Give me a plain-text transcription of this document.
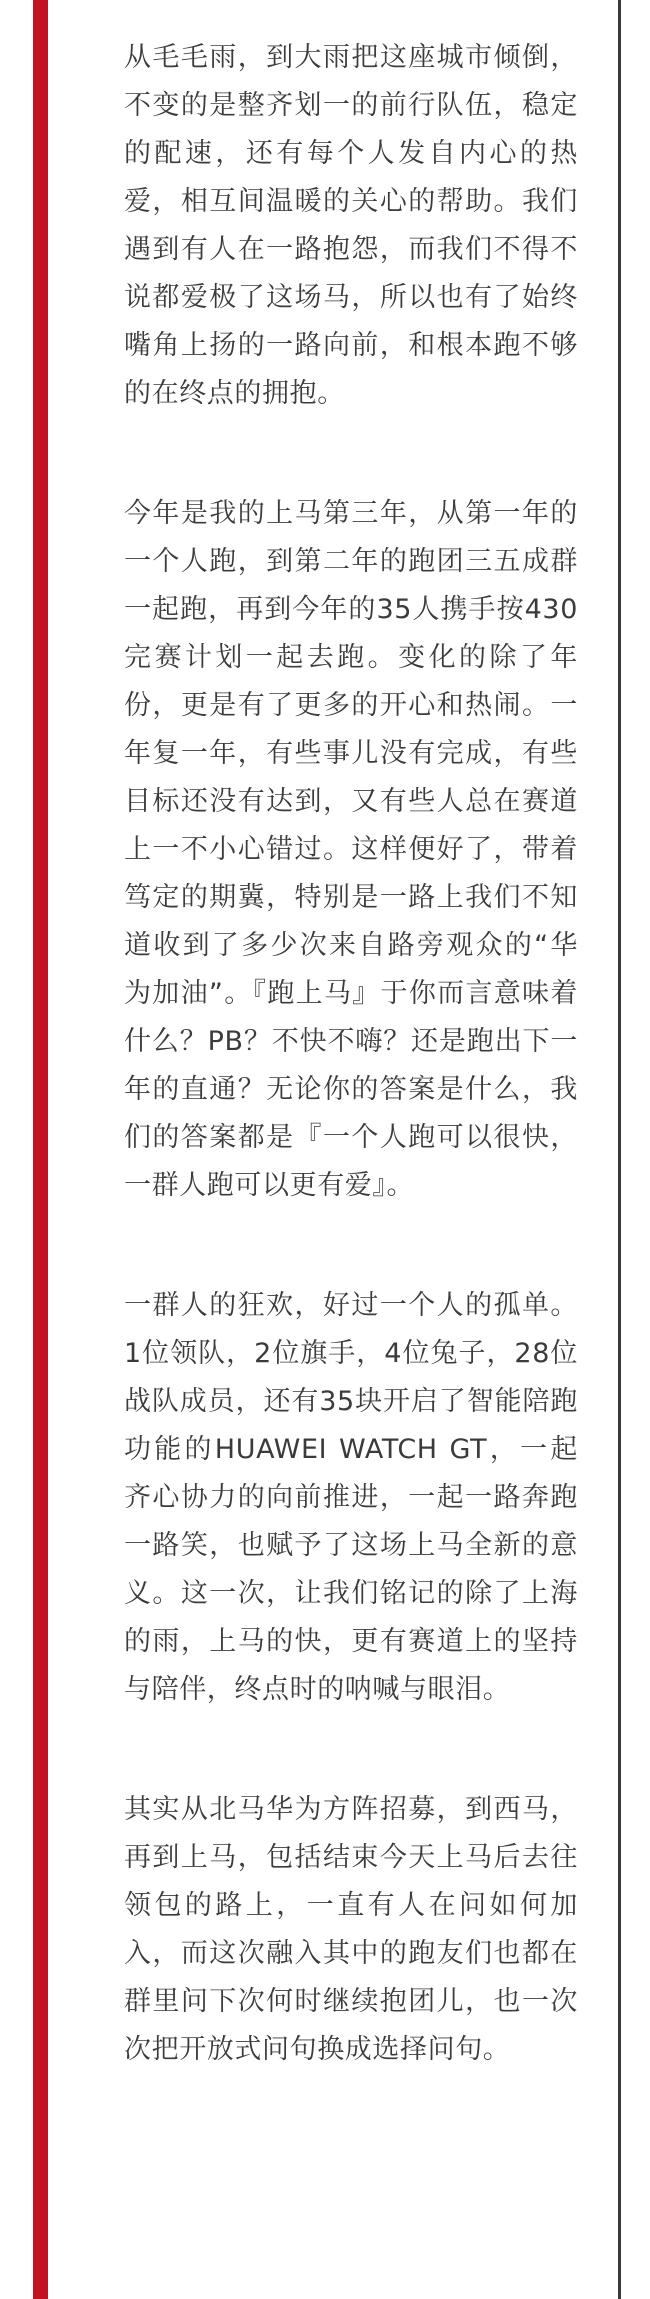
从毛毛雨，到大雨把这座城市倾倒，不变的是整齐划一的前行队伍，稳定的配速，还有每个人发自内心的热爱，相互间温暖的关心的帮助。我们遇到有人在一路抱怨，而我们不得不说都爱极了这场马，所以也有了始终嘴角上扬的一路向前，和根本跑不够的在终点的拥抱。

今年是我的上马第三年，从第一年的一个人跑，到第二年的跑团三五成群一起跑，再到今年的35人携手按430完赛计划一起去跑。变化的除了年份，更是有了更多的开心和热闹。一年复一年，有些事儿没有完成，有些目标还没有达到，又有些人总在赛道上一不小心错过。这样便好了，带着笃定的期冀，特别是一路上我们不知道收到了多少次来自路旁观众的“华为加油”。『跑上马』于你而言意味着什么？PB？不快不嗨？还是跑出下一年的直通？无论你的答案是什么，我们的答案都是『一个人跑可以很快，一群人跑可以更有爱』。

一群人的狂欢，好过一个人的孤单。1位领队，2位旗手，4位兔子，28位战队成员，还有35块开启了智能陪跑功能的HUAWEI WATCH GT，一起齐心协力的向前推进，一起一路奔跑一路笑，也赋予了这场上马全新的意义。这一次，让我们铭记的除了上海的雨，上马的快，更有赛道上的坚持与陪伴，终点时的呐喊与眼泪。

其实从北马华为方阵招募，到西马，再到上马，包括结束今天上马后去往领包的路上，一直有人在问如何加入，而这次融入其中的跑友们也都在群里问下次何时继续抱团儿，也一次次把开放式问句换成选择问句。
